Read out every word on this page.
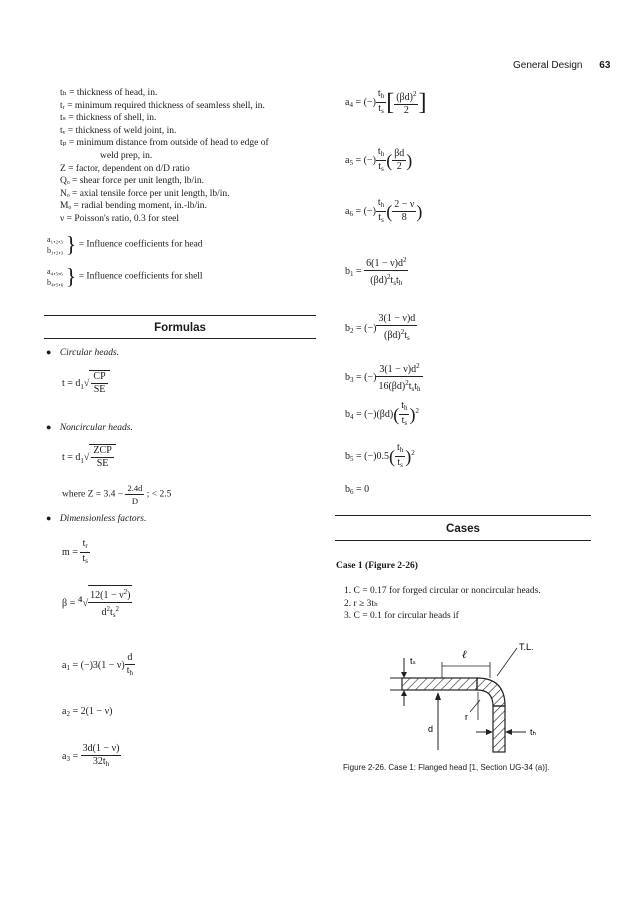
General Design 63
tₕ = thickness of head, in.
tᵣ = minimum required thickness of seamless shell, in.
tₛ = thickness of shell, in.
tᵥ = thickness of weld joint, in.
tₚ = minimum distance from outside of head to edge of
weld prep, in.
Z = factor, dependent on d/D ratio
Qₒ = shear force per unit length, lb/in.
Nₒ = axial tensile force per unit length, lb/in.
Mₒ = radial bending moment, in.-lb/in.
ν = Poisson's ratio, 0.3 for steel
a₁,₂,₃
b₁,₂,₃ } = Influence coefficients for head
a₄,₅,₆
b₄,₅,₆ } = Influence coefficients for shell
Formulas
● Circular heads.
$t = d_1√ \frac{CP}{SE}$
● Noncircular heads.
$t = d_1√ \frac{\text{ZCP}}{SE}$
where $Z = 3.4 - \frac{2.4d}{D}$ ; < 2.5
● Dimensionless factors.
$m = \frac{t_r}{t_s}$
$\beta = ^4√ \frac{12(1 - \nu^2)}{d^2t_s^2}$
$a_1 = (-)3(1 - \nu) \frac{d}{t_h}$
$a_2 = 2(1 - \nu)$
$a_3 = \frac{3d(1 - \nu)}{32t_h}$
$a_4$ = (−) $\frac{t_h}{t_s}$ [ $\frac{(\beta d)^2}{2}$ ]
$a_5$ = (−) $\frac{t_h}{t_s}$ ( $\frac{\beta d}{2}$ )
$a_6$ = (−) $\frac{t_h}{t_s}$ ( $\frac{2 - \nu}{8}$ )
$b_1 = \frac{6(1 - \nu)d^2}{(\beta d)^2t_st_h}$
$b_2$ = (−) $\frac{3(1 - \nu)d}{(\beta d)^2t_s}$
$b_3$ = (−) $\frac{3(1 - \nu)d^2}{16(\beta d)^2t_st_h}$
$b_4 = (-)(\beta d)( \frac{t_h}{t_s} )^2$
$b_5 = (-)0.5( \frac{t_h}{t_s} )^2$
$b_6 = 0$
Cases
Case 1 (Figure 2-26)
1. C = 0.17 for forged circular or noncircular heads.
2. r ≥ 3tₕ
3. C = 0.1 for circular heads if
ℓ
T.L.
tₛ
r
d	tₕ
Figure 2-26. Case 1: Flanged head [1, Section UG-34 (a)].
